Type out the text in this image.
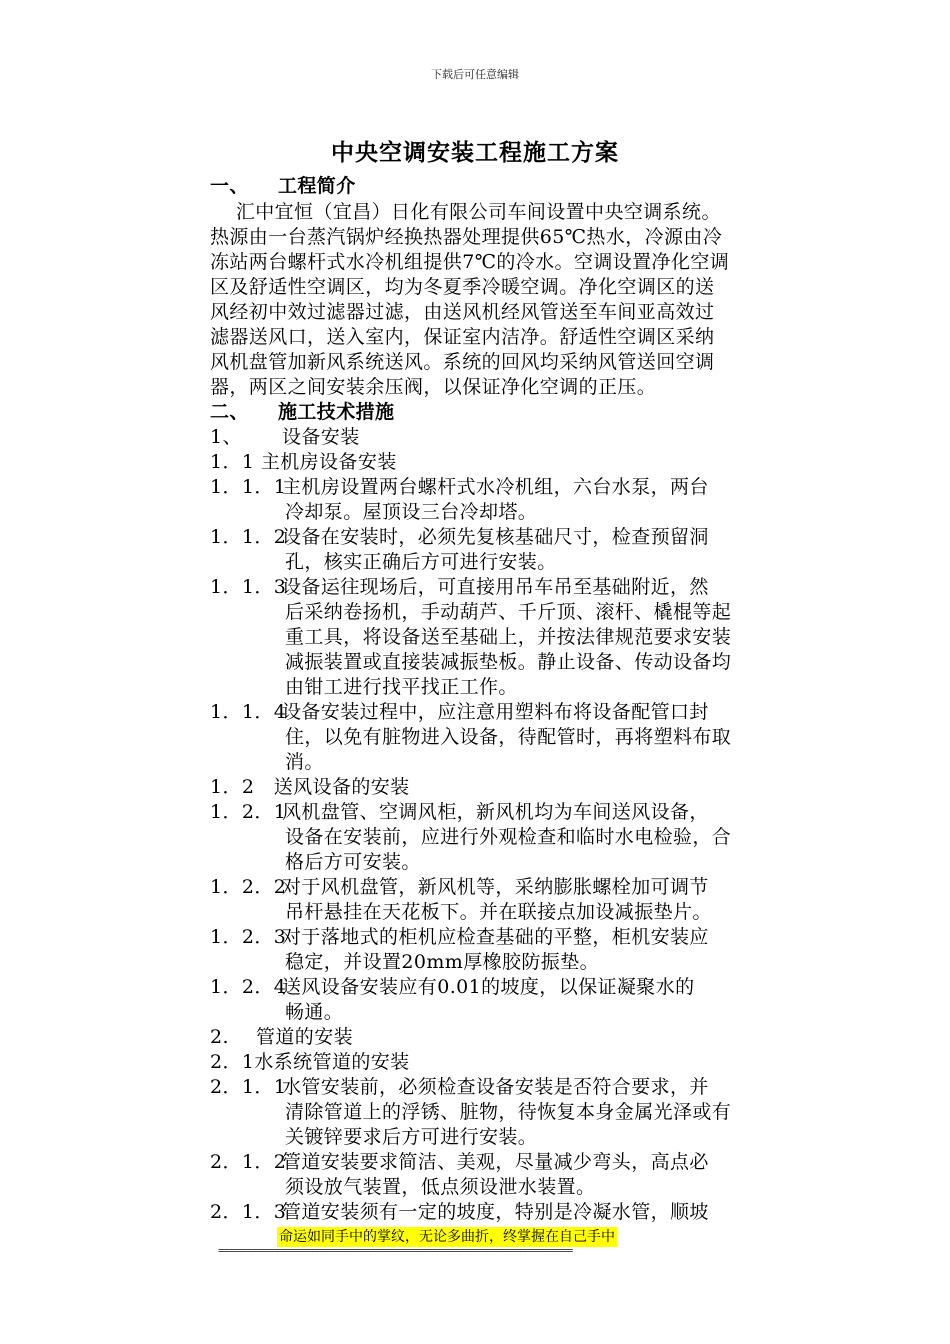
下载后可任意编辑
中央空调安装工程施工方案
一、 工程简介
　 汇中宜恒（宜昌）日化有限公司车间设置中央空调系统。
热源由一台蒸汽锅炉经换热器处理提供65℃热水，冷源由冷
冻站两台螺杆式水冷机组提供7℃的冷水。空调设置净化空调
区及舒适性空调区，均为冬夏季冷暖空调。净化空调区的送
风经初中效过滤器过滤，由送风机经风管送至车间亚高效过
滤器送风口，送入室内，保证室内洁净。舒适性空调区采纳
风机盘管加新风系统送风。系统的回风均采纳风管送回空调
器，两区之间安装余压阀，以保证净化空调的正压。
二、 施工技术措施
1、 设备安装
1．1 主机房设备安装
1．1．1主机房设置两台螺杆式水冷机组，六台水泵，两台
冷却泵。屋顶设三台冷却塔。
1．1．2设备在安装时，必须先复核基础尺寸，检查预留洞
孔，核实正确后方可进行安装。
1．1．3设备运往现场后，可直接用吊车吊至基础附近，然
后采纳卷扬机，手动葫芦、千斤顶、滚杆、橇棍等起
重工具，将设备送至基础上，并按法律规范要求安装
减振装置或直接装减振垫板。静止设备、传动设备均
由钳工进行找平找正工作。
1．1．4设备安装过程中，应注意用塑料布将设备配管口封
住，以免有脏物进入设备，待配管时，再将塑料布取
消。
1．2　送风设备的安装
1．2．1风机盘管、空调风柜，新风机均为车间送风设备，
设备在安装前，应进行外观检查和临时水电检验，合
格后方可安装。
1．2．2对于风机盘管，新风机等，采纳膨胀螺栓加可调节
吊杆悬挂在天花板下。并在联接点加设减振垫片。
1．2．3对于落地式的柜机应检查基础的平整，柜机安装应
稳定，并设置20mm厚橡胶防振垫。
1．2．4送风设备安装应有0.01的坡度，以保证凝聚水的
畅通。
2. 管道的安装
2．1水系统管道的安装
2．1．1水管安装前，必须检查设备安装是否符合要求，并
清除管道上的浮锈、脏物，待恢复本身金属光泽或有
关镀锌要求后方可进行安装。
2．1．2管道安装要求简洁、美观，尽量减少弯头，高点必
须设放气装置，低点须设泄水装置。
2．1．3管道安装须有一定的坡度，特别是冷凝水管，顺坡
命运如同手中的掌纹，无论多曲折，终掌握在自己手中
===============================================================
